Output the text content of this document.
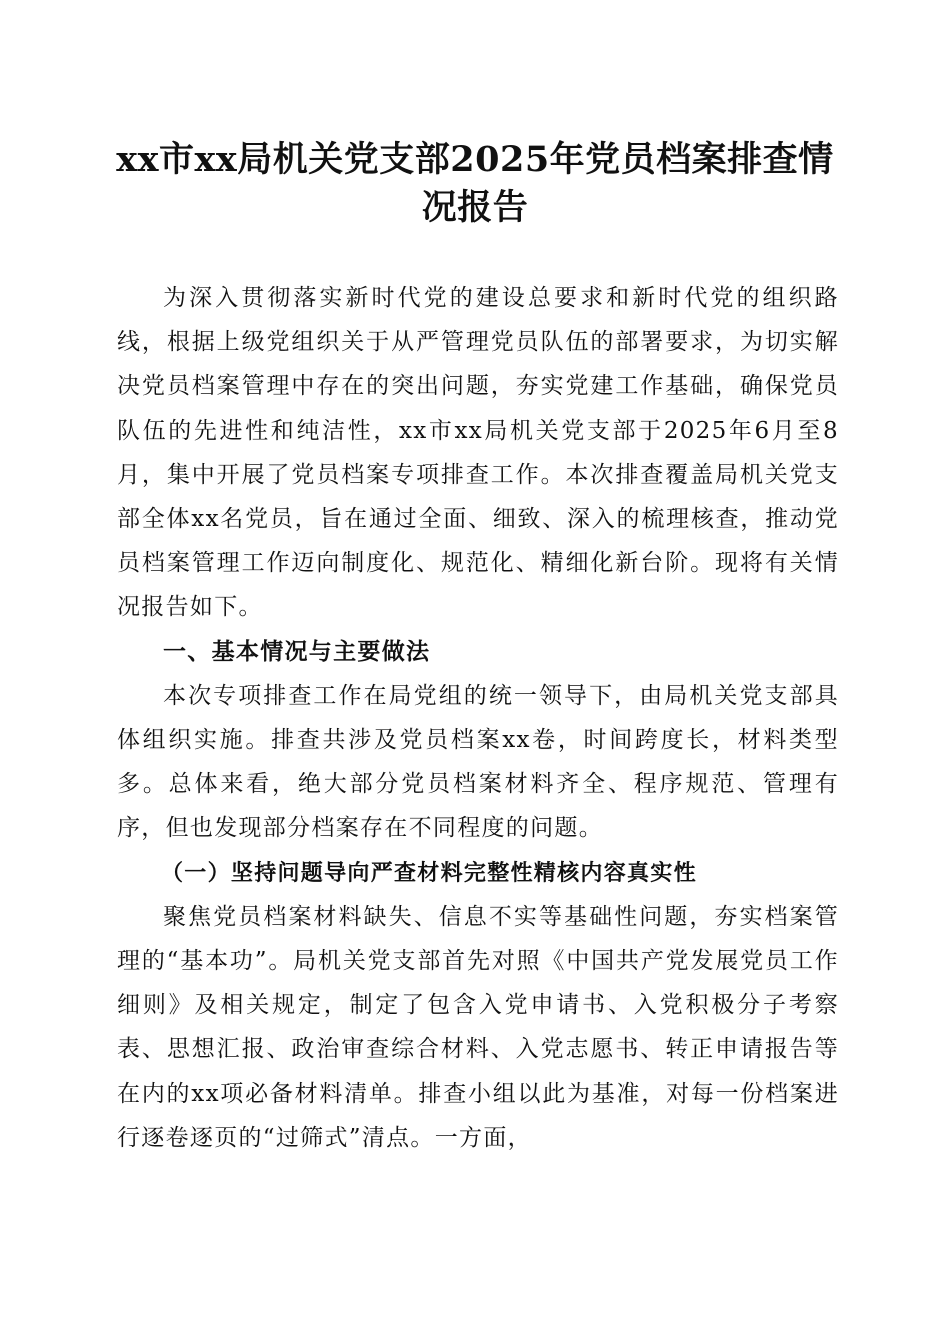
xx市xx局机关党支部2025年党员档案排查情
况报告

为深入贯彻落实新时代党的建设总要求和新时代党的组织路线，根据上级党组织关于从严管理党员队伍的部署要求，为切实解决党员档案管理中存在的突出问题，夯实党建工作基础，确保党员队伍的先进性和纯洁性，xx市xx局机关党支部于2025年6月至8月，集中开展了党员档案专项排查工作。本次排查覆盖局机关党支部全体xx名党员，旨在通过全面、细致、深入的梳理核查，推动党员档案管理工作迈向制度化、规范化、精细化新台阶。现将有关情况报告如下。

一、基本情况与主要做法

本次专项排查工作在局党组的统一领导下，由局机关党支部具体组织实施。排查共涉及党员档案xx卷，时间跨度长，材料类型多。总体来看，绝大部分党员档案材料齐全、程序规范、管理有序，但也发现部分档案存在不同程度的问题。

（一）坚持问题导向严查材料完整性精核内容真实性

聚焦党员档案材料缺失、信息不实等基础性问题，夯实档案管理的“基本功”。局机关党支部首先对照《中国共产党发展党员工作细则》及相关规定，制定了包含入党申请书、入党积极分子考察表、思想汇报、政治审查综合材料、入党志愿书、转正申请报告等在内的xx项必备材料清单。排查小组以此为基准，对每一份档案进行逐卷逐页的“过筛式”清点。一方面，
